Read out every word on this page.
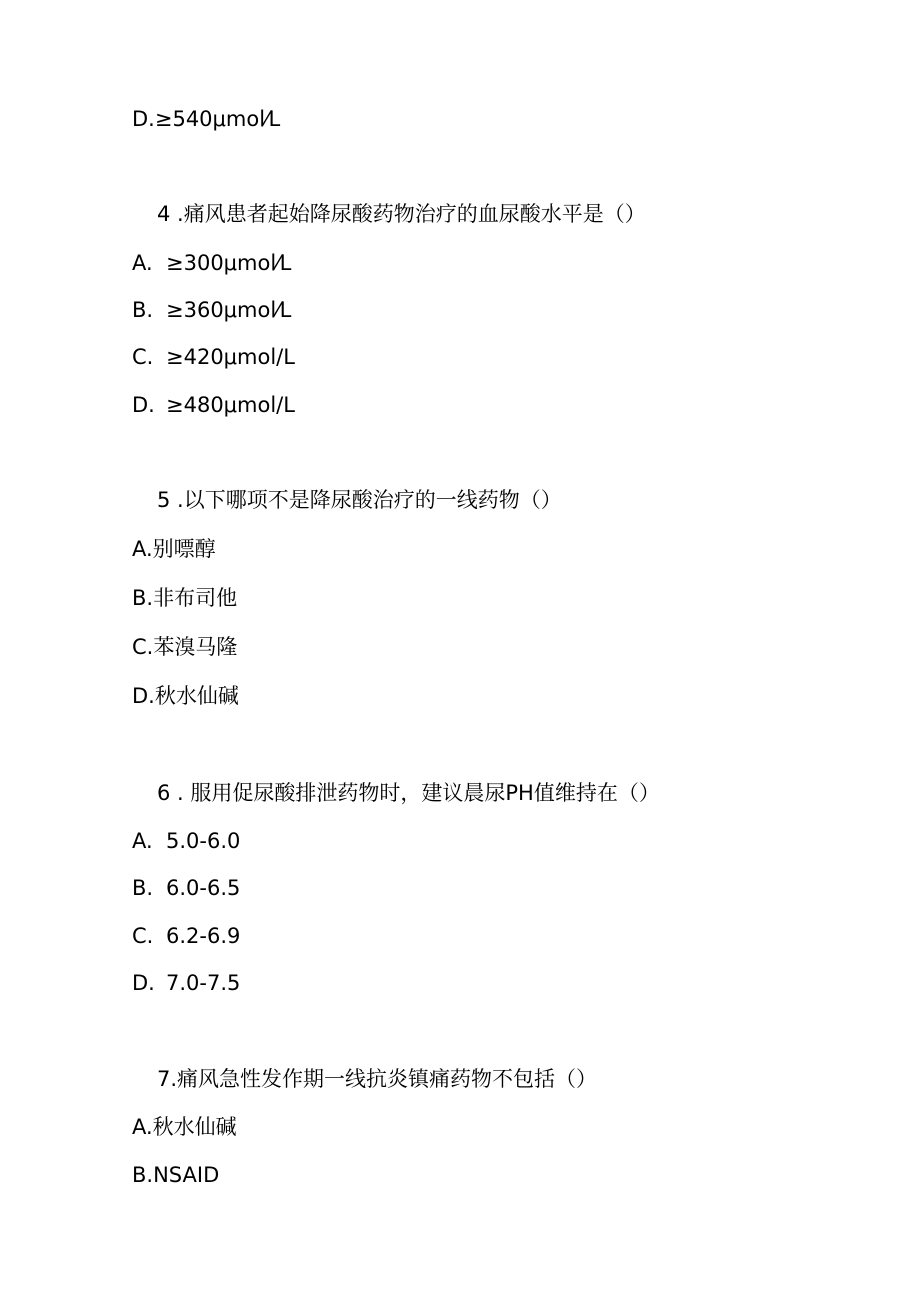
D.≥540μmol⁄L
4 .痛风患者起始降尿酸药物治疗的血尿酸水平是（）
A. ≥300μmol⁄L
B. ≥360μmol⁄L
C. ≥420μmol/L
D. ≥480μmol/L
5 .以下哪项不是降尿酸治疗的一线药物（）
A.别嘌醇
B.非布司他
C.苯溴马隆
D.秋水仙碱
6 . 服用促尿酸排泄药物时，建议晨尿PH值维持在（）
A. 5.0-6.0
B. 6.0-6.5
C. 6.2-6.9
D. 7.0-7.5
7.痛风急性发作期一线抗炎镇痛药物不包括（）
A.秋水仙碱
B.NSAID
